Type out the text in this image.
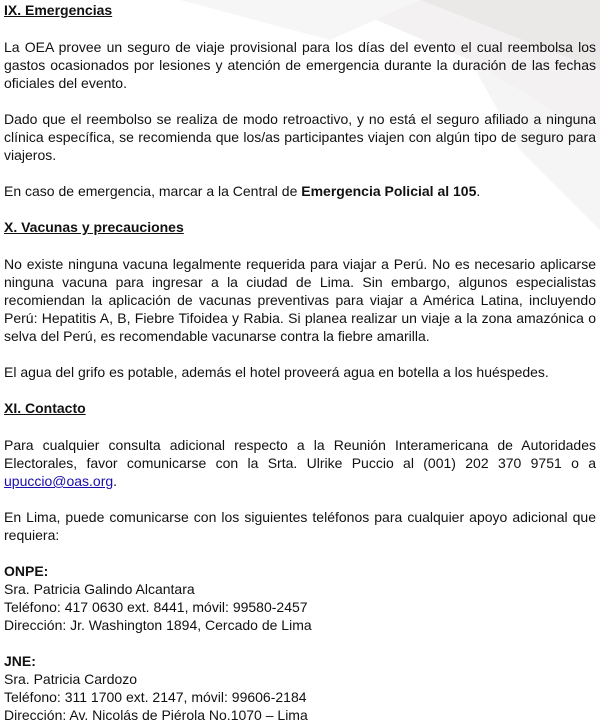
IX. Emergencias

La OEA provee un seguro de viaje provisional para los días del evento el cual reembolsa los gastos ocasionados por lesiones y atención de emergencia durante la duración de las fechas oficiales del evento.

Dado que el reembolso se realiza de modo retroactivo, y no está el seguro afiliado a ninguna clínica específica, se recomienda que los/as participantes viajen con algún tipo de seguro para viajeros.

En caso de emergencia, marcar a la Central de Emergencia Policial al 105.

X. Vacunas y precauciones

No existe ninguna vacuna legalmente requerida para viajar a Perú. No es necesario aplicarse ninguna vacuna para ingresar a la ciudad de Lima. Sin embargo, algunos especialistas recomiendan la aplicación de vacunas preventivas para viajar a América Latina, incluyendo Perú: Hepatitis A, B, Fiebre Tifoidea y Rabia. Si planea realizar un viaje a la zona amazónica o selva del Perú, es recomendable vacunarse contra la fiebre amarilla.

El agua del grifo es potable, además el hotel proveerá agua en botella a los huéspedes.

XI. Contacto

Para cualquier consulta adicional respecto a la Reunión Interamericana de Autoridades Electorales, favor comunicarse con la Srta. Ulrike Puccio al (001) 202 370 9751 o a upuccio@oas.org.

En Lima, puede comunicarse con los siguientes teléfonos para cualquier apoyo adicional que requiera:

ONPE:

Sra. Patricia Galindo Alcantara

Teléfono: 417 0630 ext. 8441, móvil: 99580-2457

Dirección: Jr. Washington 1894, Cercado de Lima

JNE:

Sra. Patricia Cardozo

Teléfono: 311 1700 ext. 2147, móvil: 99606-2184

Dirección: Av. Nicolás de Piérola No.1070 – Lima
